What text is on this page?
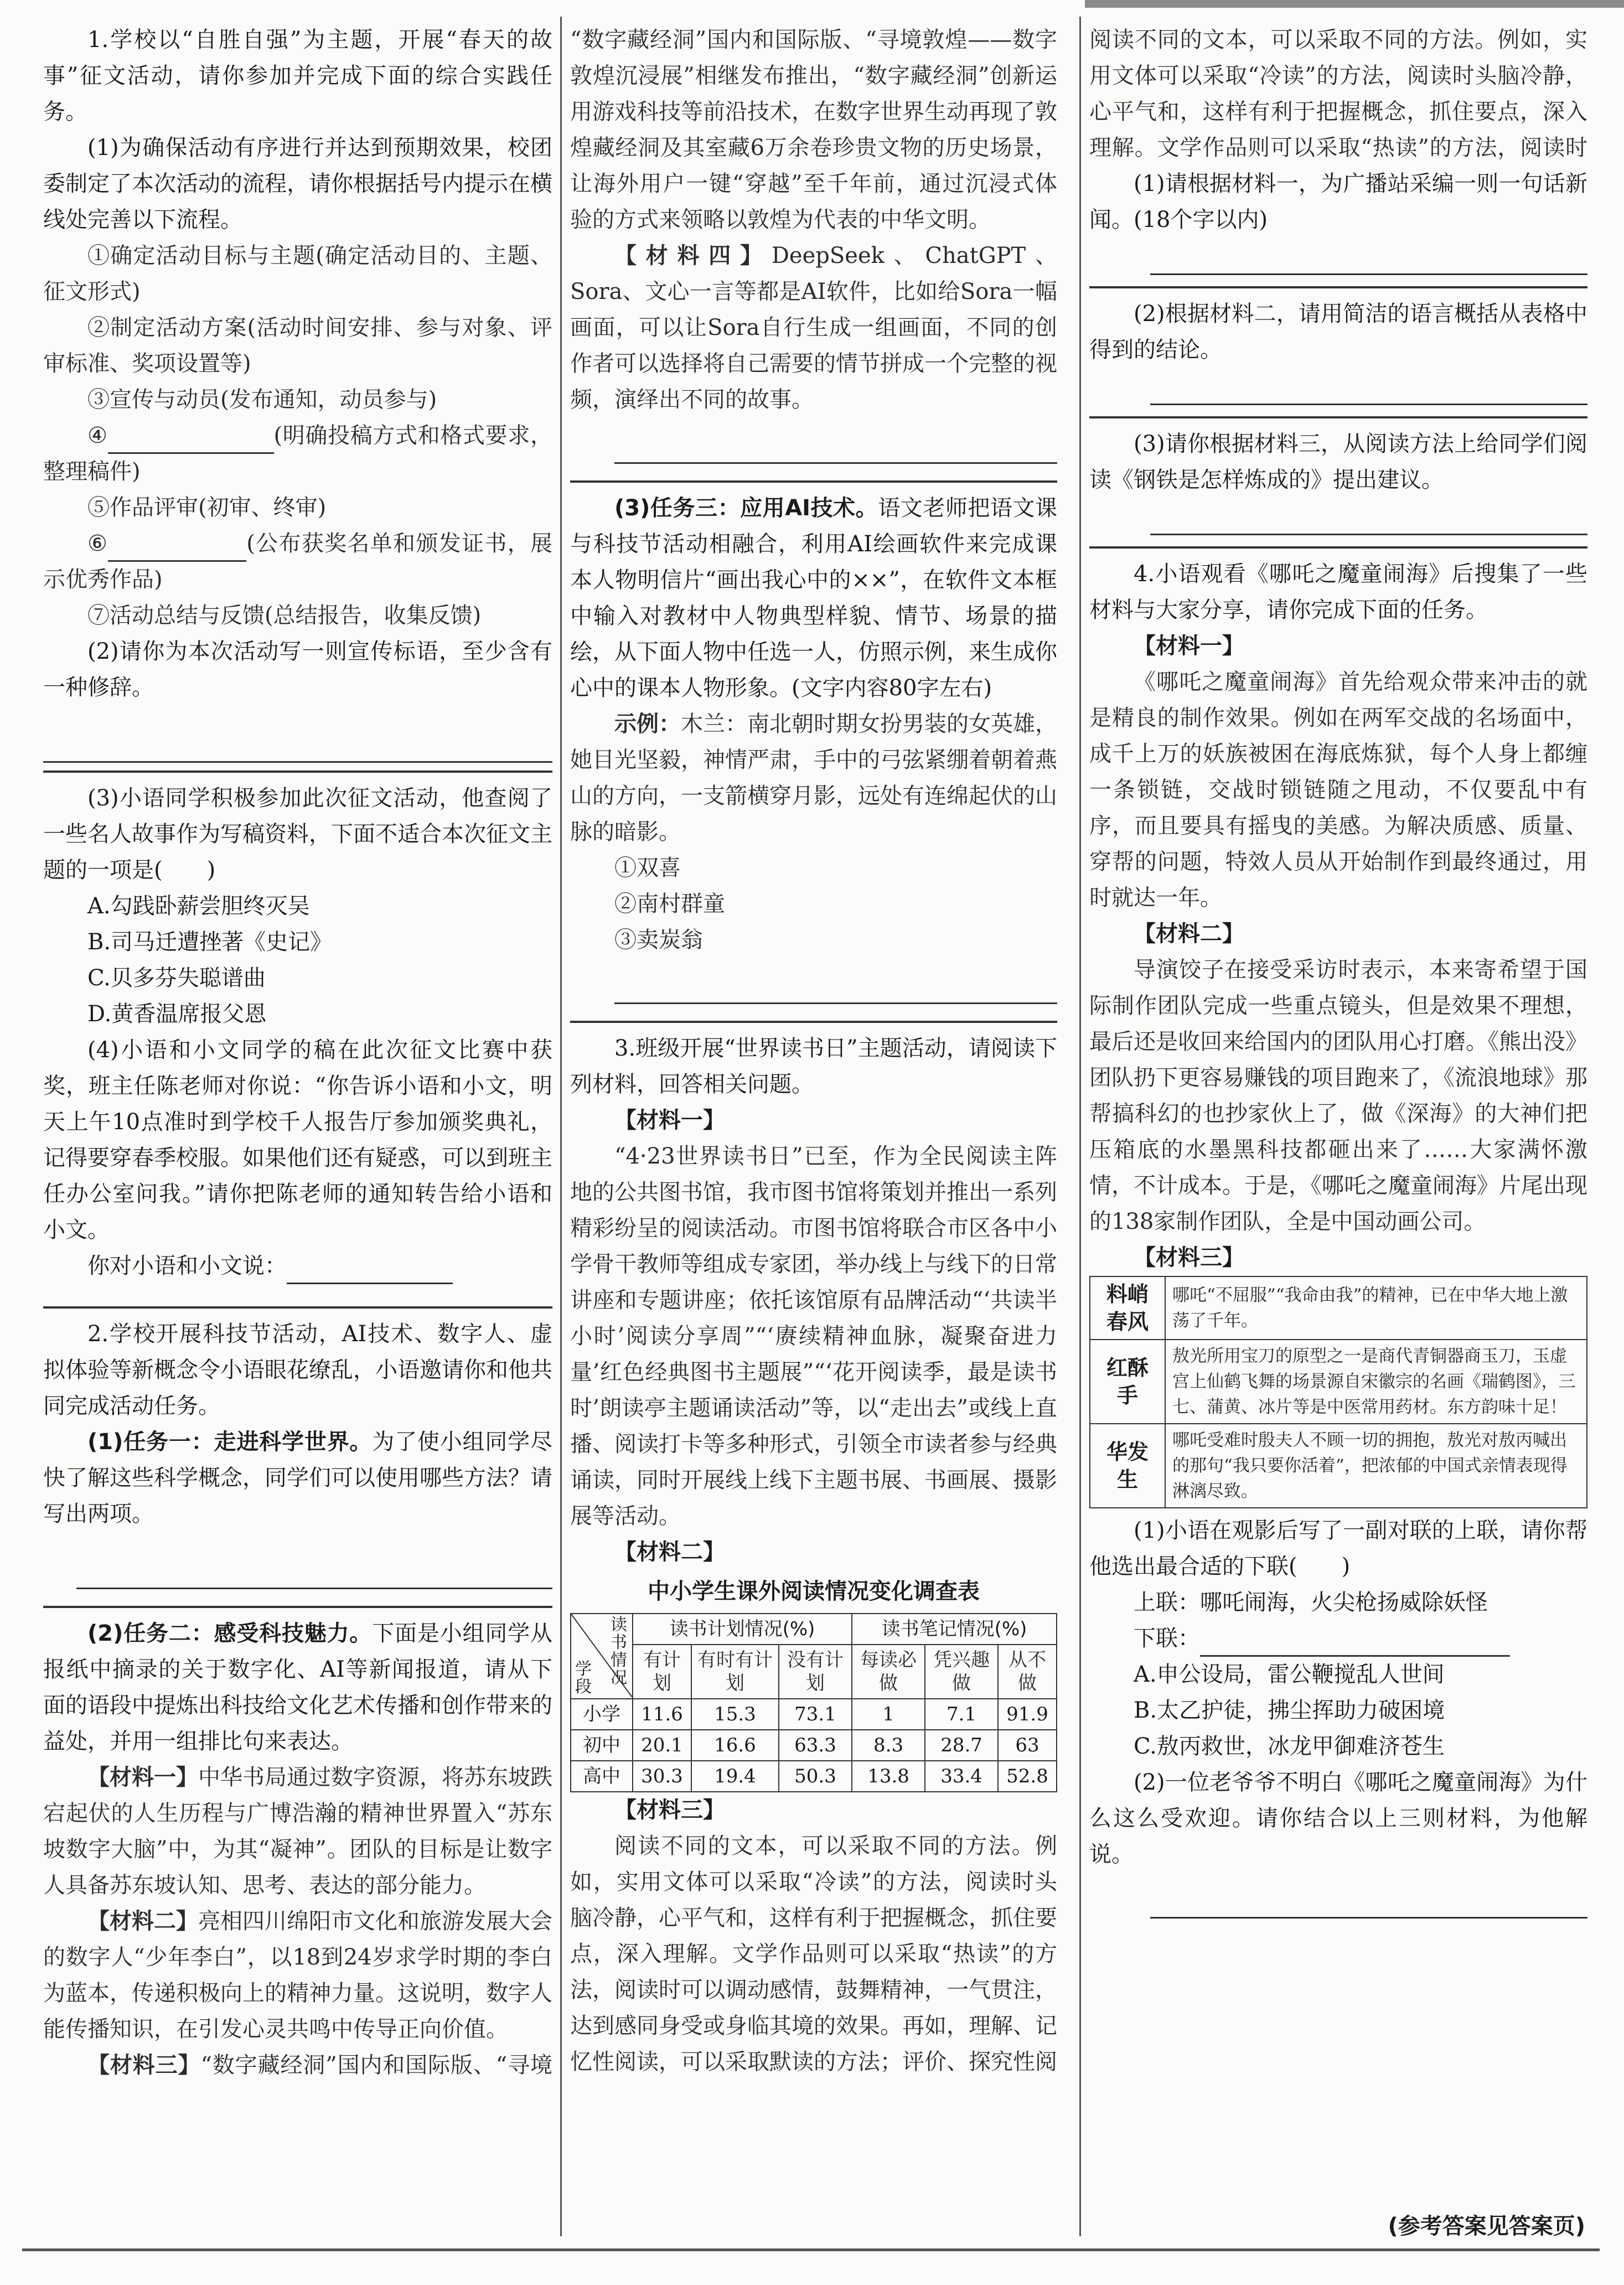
1.学校以“自胜自强”为主题，开展“春天的故事”征文活动，请你参加并完成下面的综合实践任务。

(1)为确保活动有序进行并达到预期效果，校团委制定了本次活动的流程，请你根据括号内提示在横线处完善以下流程。

①确定活动目标与主题(确定活动目的、主题、征文形式)

②制定活动方案(活动时间安排、参与对象、评审标准、奖项设置等)

③宣传与动员(发布通知，动员参与)

④	(明确投稿方式和格式要求，整理稿件)

⑤作品评审(初审、终审)

⑥	(公布获奖名单和颁发证书，展示优秀作品)

⑦活动总结与反馈(总结报告，收集反馈)

(2)请你为本次活动写一则宣传标语，至少含有一种修辞。

(3)小语同学积极参加此次征文活动，他查阅了一些名人故事作为写稿资料，下面不适合本次征文主题的一项是(　　)

A.勾践卧薪尝胆终灭吴

B.司马迁遭挫著《史记》

C.贝多芬失聪谱曲

D.黄香温席报父恩

(4)小语和小文同学的稿在此次征文比赛中获奖，班主任陈老师对你说：“你告诉小语和小文，明天上午10点准时到学校千人报告厅参加颁奖典礼，记得要穿春季校服。如果他们还有疑惑，可以到班主任办公室问我。”请你把陈老师的通知转告给小语和小文。

你对小语和小文说：

2.学校开展科技节活动，AI技术、数字人、虚拟体验等新概念令小语眼花缭乱，小语邀请你和他共同完成活动任务。

(1)任务一：走进科学世界。为了使小组同学尽快了解这些科学概念，同学们可以使用哪些方法？请写出两项。

(2)任务二：感受科技魅力。下面是小组同学从报纸中摘录的关于数字化、AI等新闻报道，请从下面的语段中提炼出科技给文化艺术传播和创作带来的益处，并用一组排比句来表达。

【材料一】中华书局通过数字资源，将苏东坡跌宕起伏的人生历程与广博浩瀚的精神世界置入“苏东坡数字大脑”中，为其“凝神”。团队的目标是让数字人具备苏东坡认知、思考、表达的部分能力。

【材料二】亮相四川绵阳市文化和旅游发展大会的数字人“少年李白”，以18到24岁求学时期的李白为蓝本，传递积极向上的精神力量。这说明，数字人能传播知识，在引发心灵共鸣中传导正向价值。

【材料三】“数字藏经洞”国内和国际版、“寻境

“数字藏经洞”国内和国际版、“寻境敦煌——数字敦煌沉浸展”相继发布推出，“数字藏经洞”创新运用游戏科技等前沿技术，在数字世界生动再现了敦煌藏经洞及其室藏6万余卷珍贵文物的历史场景，让海外用户一键“穿越”至千年前，通过沉浸式体验的方式来领略以敦煌为代表的中华文明。

【材料四】DeepSeek、ChatGPT、Sora、文心一言等都是AI软件，比如给Sora一幅画面，可以让Sora自行生成一组画面，不同的创作者可以选择将自己需要的情节拼成一个完整的视频，演绎出不同的故事。

(3)任务三：应用AI技术。语文老师把语文课与科技节活动相融合，利用AI绘画软件来完成课本人物明信片“画出我心中的××”，在软件文本框中输入对教材中人物典型样貌、情节、场景的描绘，从下面人物中任选一人，仿照示例，来生成你心中的课本人物形象。(文字内容80字左右)

示例：木兰：南北朝时期女扮男装的女英雄，她目光坚毅，神情严肃，手中的弓弦紧绷着朝着燕山的方向，一支箭横穿月影，远处有连绵起伏的山脉的暗影。

①双喜

②南村群童

③卖炭翁

3.班级开展“世界读书日”主题活动，请阅读下列材料，回答相关问题。

【材料一】

“4·23世界读书日”已至，作为全民阅读主阵地的公共图书馆，我市图书馆将策划并推出一系列精彩纷呈的阅读活动。市图书馆将联合市区各中小学骨干教师等组成专家团，举办线上与线下的日常讲座和专题讲座；依托该馆原有品牌活动“‘共读半小时’阅读分享周”“‘赓续精神血脉，凝聚奋进力量’红色经典图书主题展”“‘花开阅读季，最是读书时’朗读亭主题诵读活动”等，以“走出去”或线上直播、阅读打卡等多种形式，引领全市读者参与经典诵读，同时开展线上线下主题书展、书画展、摄影展等活动。

【材料二】

中小学生课外阅读情况变化调查表
读书情况
学段	读书计划情况(%)			读书笔记情况(%)		
	有计划	有时有计划	没有计划	每读必做	凭兴趣做	从不做
小学	11.6	15.3	73.1	1	7.1	91.9
初中	20.1	16.6	63.3	8.3	28.7	63
高中	30.3	19.4	50.3	13.8	33.4	52.8

【材料三】

阅读不同的文本，可以采取不同的方法。例如，实用文体可以采取“冷读”的方法，阅读时头脑冷静，心平气和，这样有利于把握概念，抓住要点，深入理解。文学作品则可以采取“热读”的方法，阅读时可以调动感情，鼓舞精神，一气贯注，达到感同身受或身临其境的效果。再如，理解、记忆性阅读，可以采取默读的方法；评价、探究性阅

阅读不同的文本，可以采取不同的方法。例如，实用文体可以采取“冷读”的方法，阅读时头脑冷静，心平气和，这样有利于把握概念，抓住要点，深入理解。文学作品则可以采取“热读”的方法，阅读时

(1)请根据材料一，为广播站采编一则一句话新闻。(18个字以内)

(2)根据材料二，请用简洁的语言概括从表格中得到的结论。

(3)请你根据材料三，从阅读方法上给同学们阅读《钢铁是怎样炼成的》提出建议。

4.小语观看《哪吒之魔童闹海》后搜集了一些材料与大家分享，请你完成下面的任务。

【材料一】

《哪吒之魔童闹海》首先给观众带来冲击的就是精良的制作效果。例如在两军交战的名场面中，成千上万的妖族被困在海底炼狱，每个人身上都缠一条锁链，交战时锁链随之甩动，不仅要乱中有序，而且要具有摇曳的美感。为解决质感、质量、穿帮的问题，特效人员从开始制作到最终通过，用时就达一年。

【材料二】

导演饺子在接受采访时表示，本来寄希望于国际制作团队完成一些重点镜头，但是效果不理想，最后还是收回来给国内的团队用心打磨。《熊出没》团队扔下更容易赚钱的项目跑来了，《流浪地球》那帮搞科幻的也抄家伙上了，做《深海》的大神们把压箱底的水墨黑科技都砸出来了……大家满怀激情，不计成本。于是，《哪吒之魔童闹海》片尾出现的138家制作团队，全是中国动画公司。

【材料三】

料峭春风	哪吒“不屈服”“我命由我”的精神，已在中华大地上激荡了千年。
红酥手	敖光所用宝刀的原型之一是商代青铜器商玉刀，玉虚宫上仙鹤飞舞的场景源自宋徽宗的名画《瑞鹤图》，三七、蒲黄、冰片等是中医常用药材。东方韵味十足！
华发生	哪吒受难时殷夫人不顾一切的拥抱，敖光对敖丙喊出的那句“我只要你活着”，把浓郁的中国式亲情表现得淋漓尽致。

(1)小语在观影后写了一副对联的上联，请你帮他选出最合适的下联(　　)

上联：哪吒闹海，火尖枪扬威除妖怪

下联：

A.申公设局，雷公鞭搅乱人世间

B.太乙护徒，拂尘挥助力破困境

C.敖丙救世，冰龙甲御难济苍生

(2)一位老爷爷不明白《哪吒之魔童闹海》为什么这么受欢迎。请你结合以上三则材料，为他解说。

(参考答案见答案页)
